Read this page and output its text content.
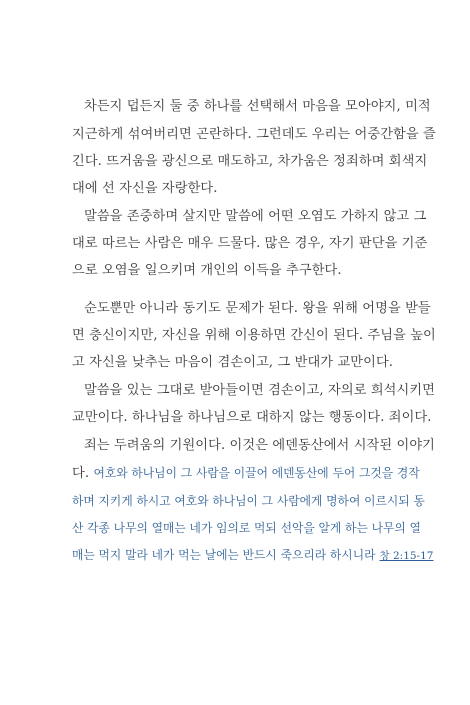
차든지 덥든지 둘 중 하나를 선택해서 마음을 모아야지, 미적
지근하게 섞여버리면 곤란하다. 그런데도 우리는 어중간함을 즐
긴다. 뜨거움을 광신으로 매도하고, 차가움은 정죄하며 회색지
대에 선 자신을 자랑한다.
말씀을 존중하며 살지만 말씀에 어떤 오염도 가하지 않고 그
대로 따르는 사람은 매우 드물다. 많은 경우, 자기 판단을 기준
으로 오염을 일으키며 개인의 이득을 추구한다.
순도뿐만 아니라 동기도 문제가 된다. 왕을 위해 어명을 받들
면 충신이지만, 자신을 위해 이용하면 간신이 된다. 주님을 높이
고 자신을 낮추는 마음이 겸손이고, 그 반대가 교만이다.
말씀을 있는 그대로 받아들이면 겸손이고, 자의로 희석시키면
교만이다. 하나님을 하나님으로 대하지 않는 행동이다. 죄이다.
죄는 두려움의 기원이다. 이것은 에덴동산에서 시작된 이야기
다. 여호와 하나님이 그 사람을 이끌어 에덴동산에 두어 그것을 경작
하며 지키게 하시고 여호와 하나님이 그 사람에게 명하여 이르시되 동
산 각종 나무의 열매는 네가 임의로 먹되 선악을 알게 하는 나무의 열
매는 먹지 말라 네가 먹는 날에는 반드시 죽으리라 하시니라 창 2:15-17
